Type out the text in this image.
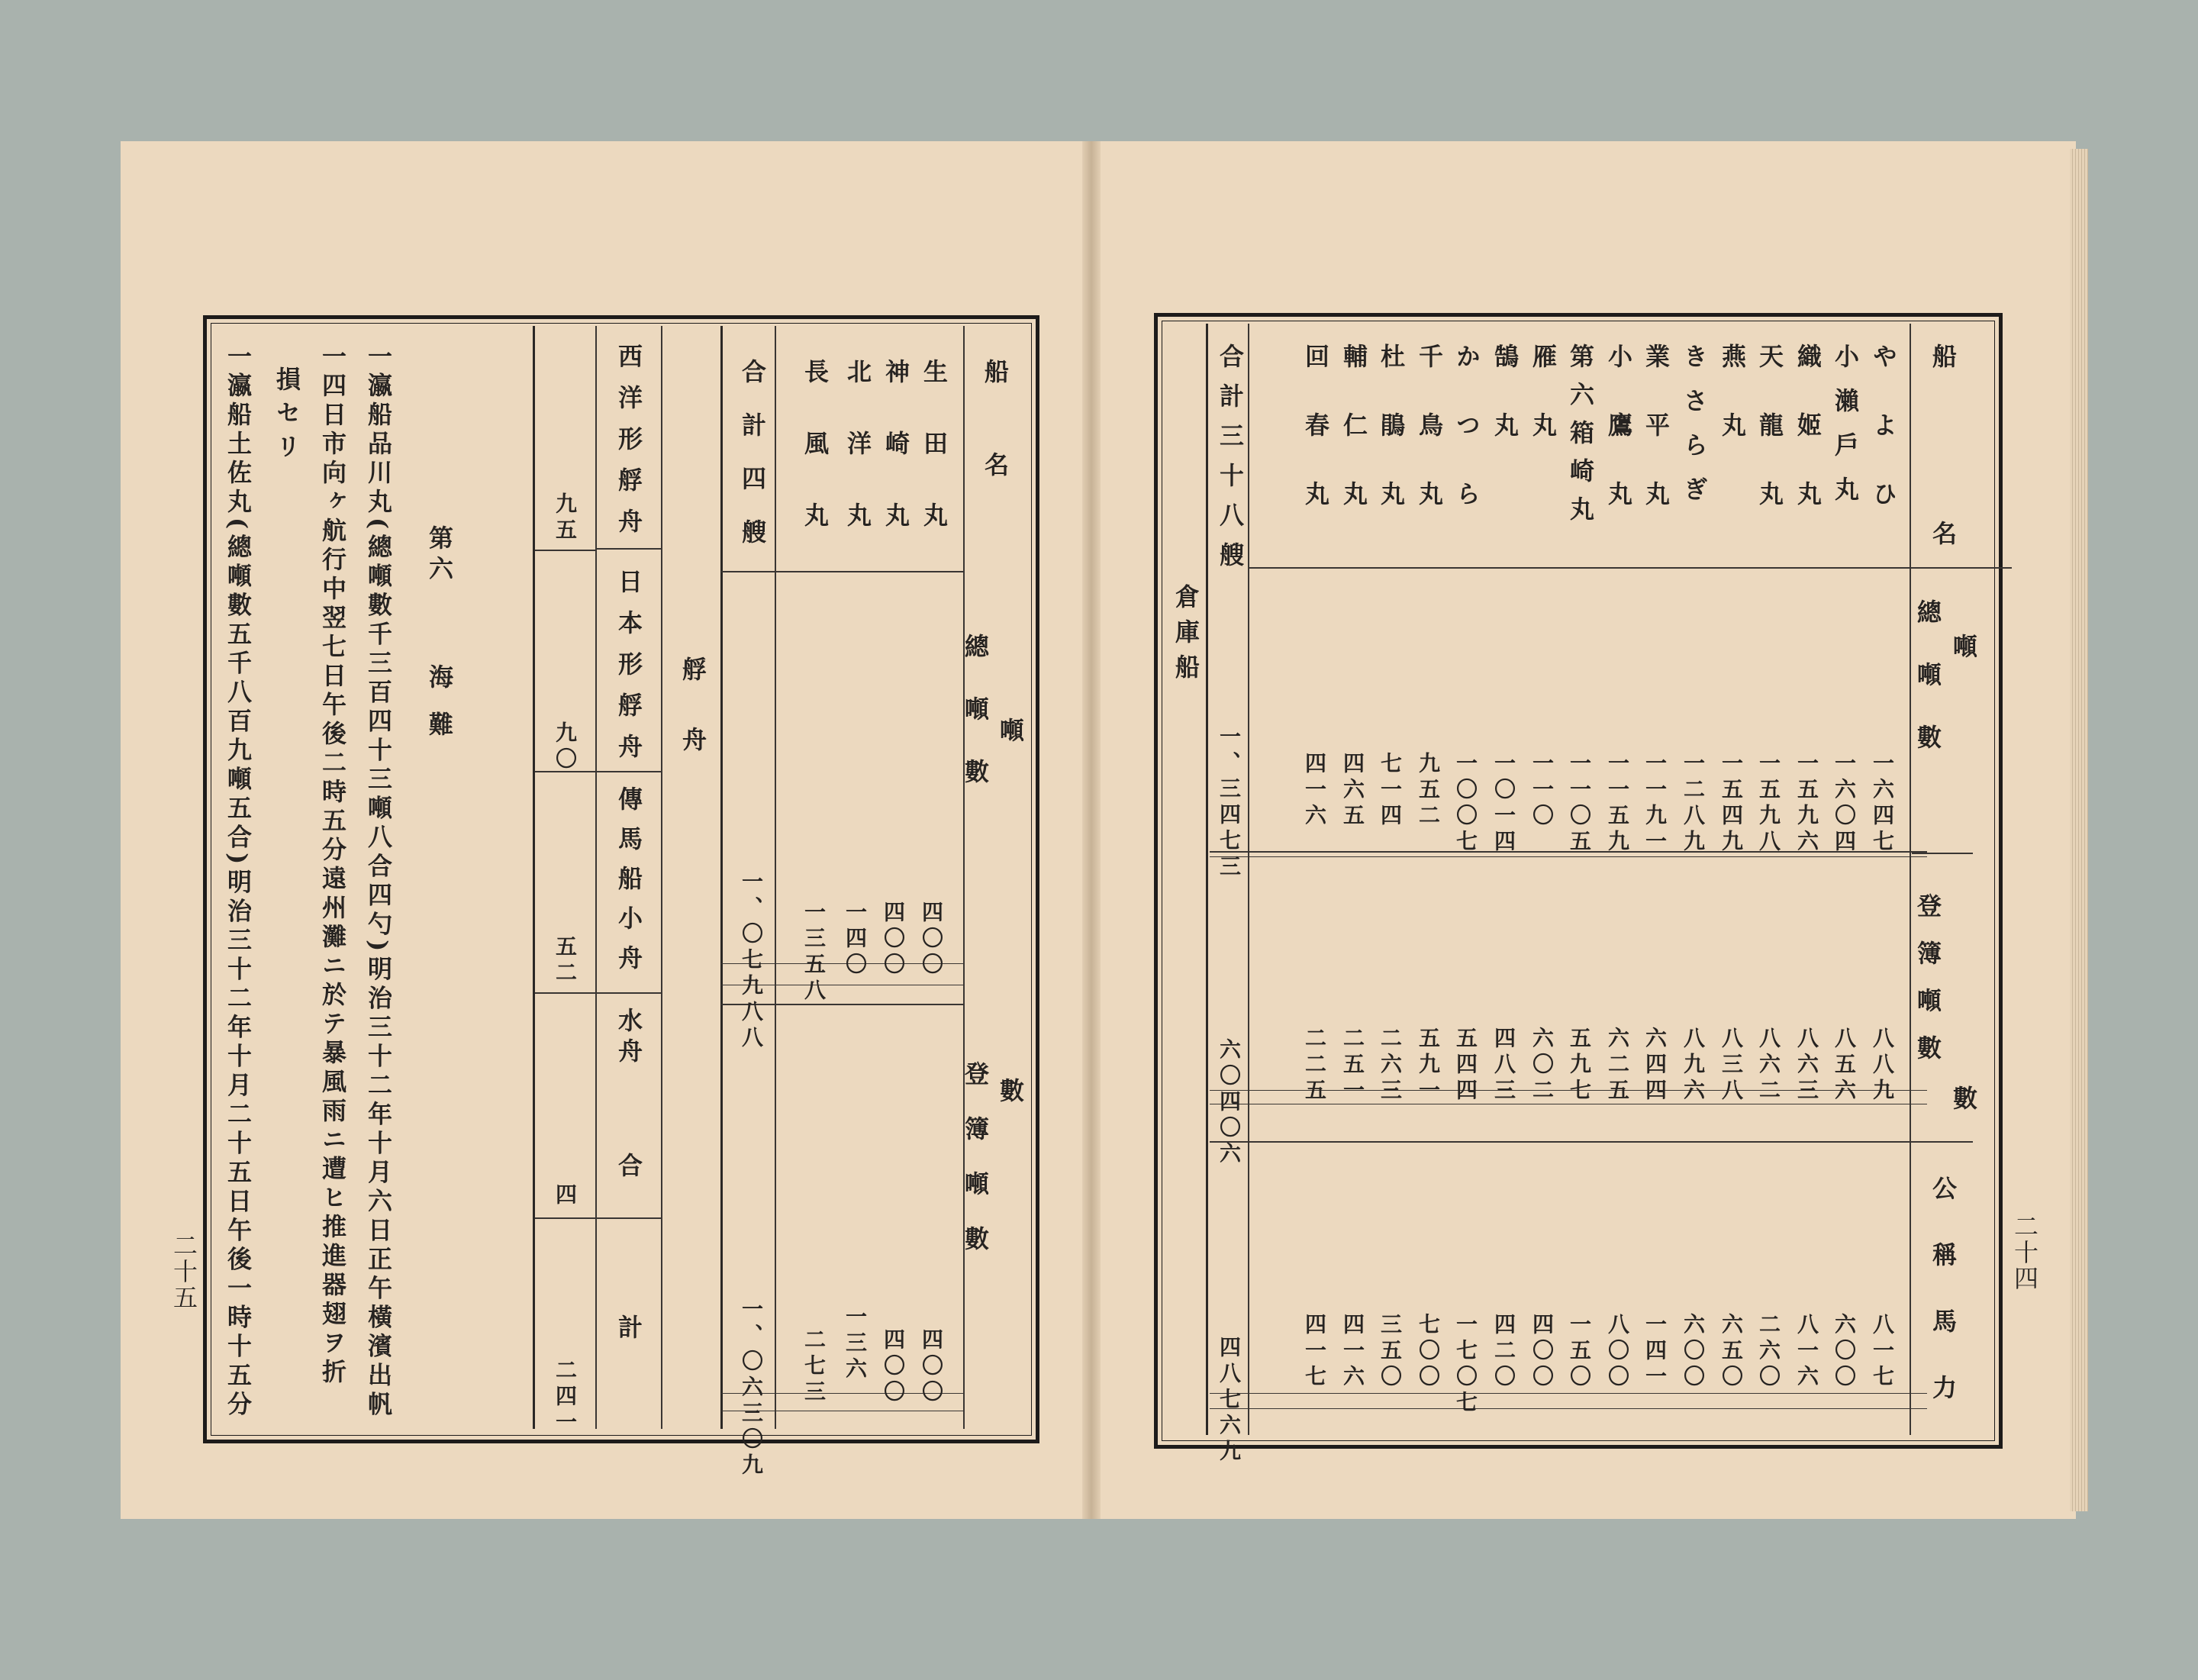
船名
噸數
總噸數
登簿噸數
生田丸
四〇〇
四〇〇
神崎丸
四〇〇
四〇〇
北洋丸
一四〇
一三六
長風丸
一三五八
二七三
合計四艘
一、〇七九八八
一、〇六三〇九
艀舟
西洋形艀舟
日本形艀舟
傳馬船小舟
水舟
合計
九五
九〇
五二
四
二四一
第六
海難
一瀛船品川丸(總噸數千三百四十三噸八合四勺)明治三十二年十月六日正午橫濱出帆
一四日市向ヶ航行中翌七日午後二時五分遠州灘ニ於テ暴風雨ニ遭ヒ推進器翅ヲ折
損セリ
一瀛船土佐丸(總噸數五千八百九噸五合)明治三十二年十月二十五日午後一時十五分
二十五
船名
噸數
總噸數
登簿噸數
公稱馬力
やよひ
一六四七
八八九
八一七
小瀨戶丸
一六〇四
八五六
六〇〇
織姬丸
一五九六
八六三
八一六
天龍丸
一五九八
八六二
二六〇
燕丸
一五四九
八三八
六五〇
きさらぎ
一二八九
八九六
六〇〇
業平丸
一一九一
六四四
一四一
小鷹丸
一一五九
六二五
八〇〇
第六箱崎丸
一一〇五
五九七
一五〇
雁丸
一一〇
六〇二
四〇〇
鵠丸
一〇一四
四八三
四二〇
かつら
一〇〇七
五四四
一七〇七
千鳥丸
九五二
五九一
七〇〇
杜鵑丸
七一四
二六三
三五〇
輔仁丸
四六五
二五一
四一六
回春丸
四一六
二二五
四一七
合計三十八艘
一、三四七三
六〇四〇六
四八七六九
倉庫船
二十四
